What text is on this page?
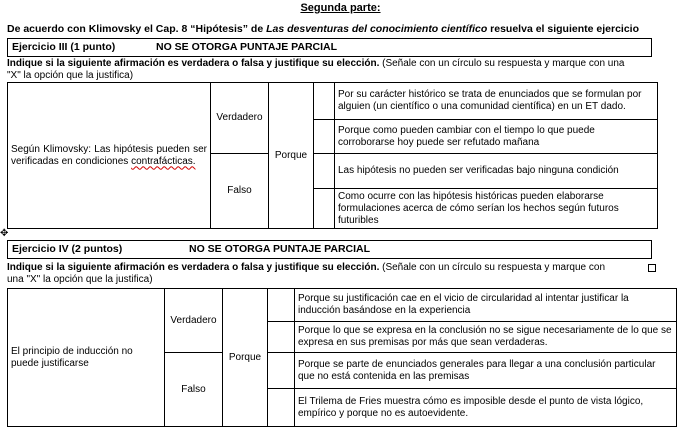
Segunda parte:
De acuerdo con Klimovsky el Cap. 8 “Hipótesis” de Las desventuras del conocimiento científico resuelva el siguiente ejercicio
Ejercicio III (1 punto)	NO SE OTORGA PUNTAJE PARCIAL
Indique si la siguiente afirmación es verdadera o falsa y justifique su elección. (Señale con un círculo su respuesta y marque con una
"X" la opción que la justifica)
Según Klimovsky: Las hipótesis pueden ser verificadas en condiciones contrafácticas.	Verdadero	Porque		Por su carácter histórico se trata de enunciados que se formulan por alguien (un científico o una comunidad científica) en un ET dado.
				Porque como pueden cambiar con el tiempo lo que puede corroborarse hoy puede ser refutado mañana
	Falso			Las hipótesis no pueden ser verificadas bajo ninguna condición
				Como ocurre con las hipótesis históricas pueden elaborarse formulaciones acerca de cómo serían los hechos según futuros futuribles
✥
Ejercicio IV (2 puntos)	NO SE OTORGA PUNTAJE PARCIAL
Indique si la siguiente afirmación es verdadera o falsa y justifique su elección. (Señale con un círculo su respuesta y marque con
una "X" la opción que la justifica)
El principio de inducción no puede justificarse	Verdadero	Porque		Porque su justificación cae en el vicio de circularidad al intentar justificar la inducción basándose en la experiencia
				Porque lo que se expresa en la conclusión no se sigue necesariamente de lo que se expresa en sus premisas por más que sean verdaderas.
	Falso			Porque se parte de enunciados generales para llegar a una conclusión particular que no está contenida en las premisas
				El Trilema de Fries muestra cómo es imposible desde el punto de vista lógico, empírico y porque no es autoevidente.
